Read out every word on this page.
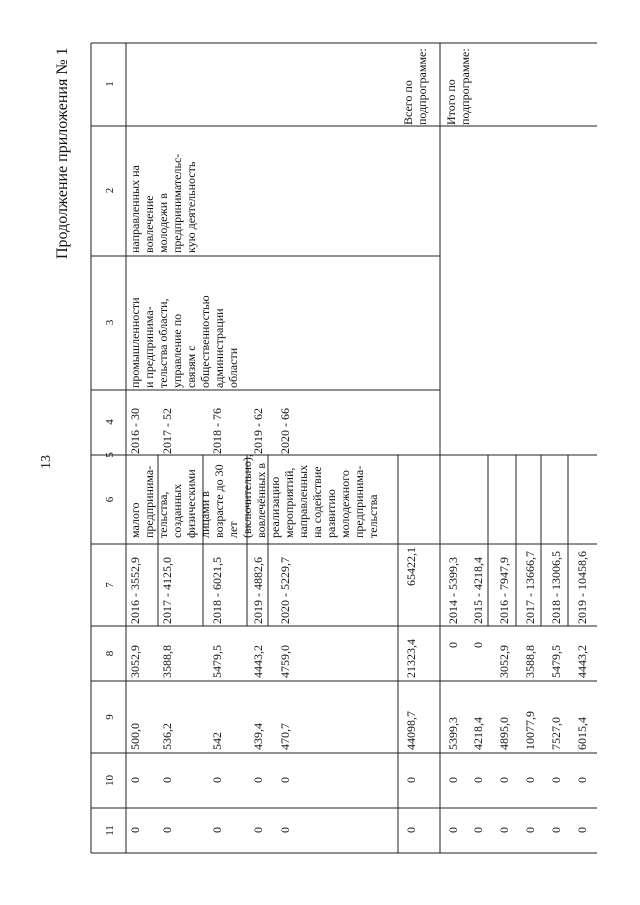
13
Продолжение приложения № 1	1
2
3
4
5
6
7
8
9
10
11
направленных на вовлечение молодежи в предпринимательс- кую деятельность
промышленности и предпринима- тельства области, управление по связям с общественностью администрации области
малого предпринима- тельства, созданных физическими лицами в возрасте до 30 лет (включительно), вовлечённых в реализацию мероприятий, направленных на содействие развитию молодежного предпринима- тельства
2016 - 30
2016 - 3552,9
3052,9
500,0
0
0
2017 - 52
2017 - 4125,0
3588,8
536,2
0
0
2018 - 76
2018 - 6021,5
5479,5
542
0
0
2019 - 62
2019 - 4882,6
4443,2
439,4
0
0
2020 - 66
2020 - 5229,7
4759,0
470,7
0
0
Всего по подпрограмме:
65422,1
21323,4
44098,7
0
0
Итого по подпрограмме:
2014 - 5399,3
0
5399,3
0
0
2015 - 4218,4
0
4218,4
0
0
2016 - 7947,9
3052,9
4895,0
0
0
2017 - 13666,7
3588,8
10077,9
0
0
2018 - 13006,5
5479,5
7527,0
0
0
2019 - 10458,6
4443,2
6015,4
0
0
